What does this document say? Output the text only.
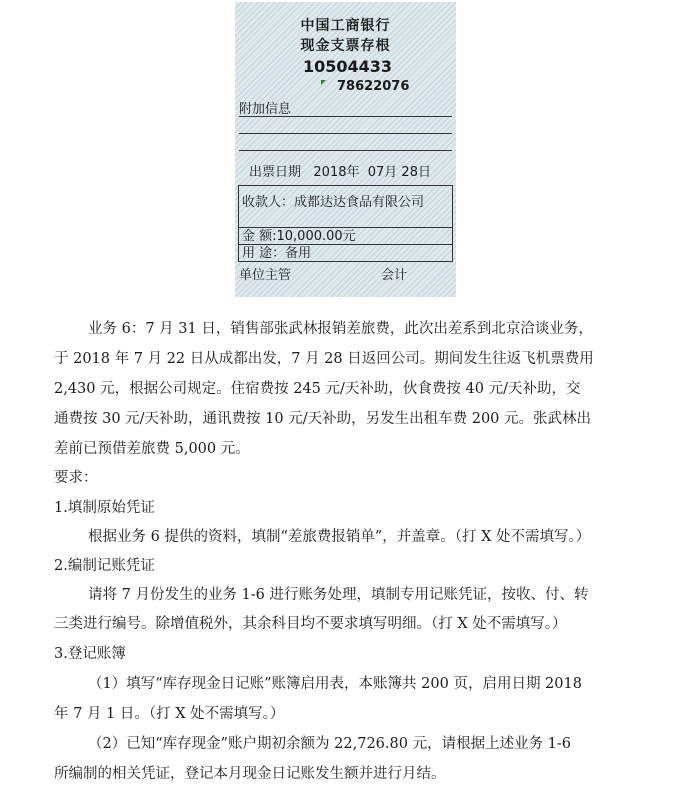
中国工商银行
现金支票存根
10504433
78622076
附加信息
出票日期   2018年  07月 28日
收款人：成都达达食品有限公司
金 额:10,000.00元
用 途：备用
单位主管	会计

业务 6：7 月 31 日，销售部张武林报销差旅费，此次出差系到北京洽谈业务，

于 2018 年 7 月 22 日从成都出发，7 月 28 日返回公司。期间发生往返飞机票费用

2,430 元，根据公司规定。住宿费按 245 元/天补助，伙食费按 40 元/天补助，交

通费按 30 元/天补助，通讯费按 10 元/天补助，另发生出租车费 200 元。张武林出

差前已预借差旅费 5,000 元。

要求：

1.填制原始凭证

根据业务 6 提供的资料，填制“差旅费报销单”，并盖章。（打 X 处不需填写。）

2.编制记账凭证

请将 7 月份发生的业务 1-6 进行账务处理，填制专用记账凭证，按收、付、转

三类进行编号。除增值税外，其余科目均不要求填写明细。（打 X 处不需填写。）

3.登记账簿

（1）填写“库存现金日记账”账簿启用表，本账簿共 200 页，启用日期 2018

年 7 月 1 日。（打 X 处不需填写。）

（2）已知“库存现金”账户期初余额为 22,726.80 元，请根据上述业务 1-6

所编制的相关凭证，登记本月现金日记账发生额并进行月结。
